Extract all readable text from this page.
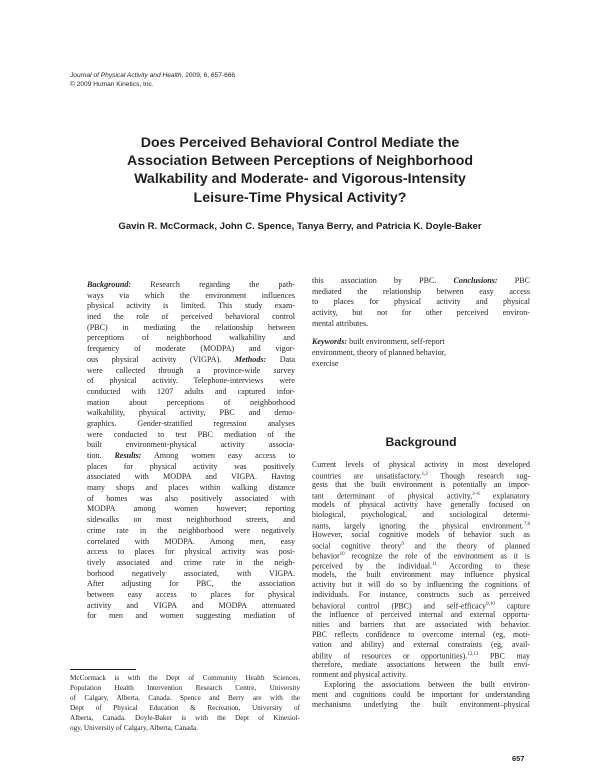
Journal of Physical Activity and Health, 2009, 6, 657-666
© 2009 Human Kinetics, Inc.
Does Perceived Behavioral Control Mediate the
Association Between Perceptions of Neighborhood
Walkability and Moderate- and Vigorous-Intensity
Leisure-Time Physical Activity?
Gavin R. McCormack, John C. Spence, Tanya Berry, and Patricia K. Doyle-Baker
Background: Research regarding the path-
ways via which the environment influences
physical activity is limited. This study exam-
ined the role of perceived behavioral control
(PBC) in mediating the relationship between
perceptions of neighborhood walkability and
frequency of moderate (MODPA) and vigor-
ous physical activity (VIGPA). Methods: Data
were collected through a province-wide survey
of physical activity. Telephone-interviews were
conducted with 1207 adults and captured infor-
mation about perceptions of neighborhood
walkability, physical activity, PBC and demo-
graphics. Gender-stratified regression analyses
were conducted to test PBC mediation of the
built environment-physical activity associa-
tion. Results: Among women easy access to
places for physical activity was positively
associated with MODPA and VIGPA. Having
many shops and places within walking distance
of homes was also positively associated with
MODPA among women however; reporting
sidewalks on most neighborhood streets, and
crime rate in the neighborhood were negatively
correlated with MODPA. Among men, easy
access to places for physical activity was posi-
tively associated and crime rate in the neigh-
borhood negatively associated, with VIGPA.
After adjusting for PBC, the association
between easy access to places for physical
activity and VIGPA and MODPA attenuated
for men and women suggesting mediation of
this association by PBC. Conclusions: PBC
mediated the relationship between easy access
to places for physical activity and physical
activity, but not for other perceived environ-
mental attributes.
Keywords: built environment, self-report
environment, theory of planned behavior,
exercise
Background
Current levels of physical activity in most developed
countries are unsatisfactory.$^{1,2}$ Though research sug-
gests that the built environment is potentially an impor-
tant determinant of physical activity,$^{3-6}$ explanatory
models of physical activity have generally focused on
biological, psychological, and sociological determi-
nants, largely ignoring the physical environment.$^{7,8}$
However, social cognitive models of behavior such as
social cognitive theory$^9$ and the theory of planned
behavior$^{10}$ recognize the role of the environment as it is
perceived by the individual.$^{11}$ According to these
models, the built environment may influence physical
activity but it will do so by influencing the cognitions of
individuals. For instance, constructs such as perceived
behavioral control (PBC) and self-efficacy$^{9,10}$ capture
the influence of perceived internal and external opportu-
nities and barriers that are associated with behavior.
PBC reflects confidence to overcome internal (eg, moti-
vation and ability) and external constraints (eg, avail-
ability of resources or opportunities).$^{12,13}$ PBC may
therefore, mediate associations between the built envi-
ronment and physical activity.
Exploring the associations between the built environ-
ment and cognitions could be important for understanding
mechanisms underlying the built environment–physical
McCormack is with the Dept of Community Health Sciences,
Population Health Intervention Research Centre, University
of Calgary, Alberta, Canada. Spence and Berry are with the
Dept of Physical Education & Recreation, University of
Alberta, Canada. Doyle-Baker is with the Dept of Kinesiol-
ogy, University of Calgary, Alberta, Canada.
657
